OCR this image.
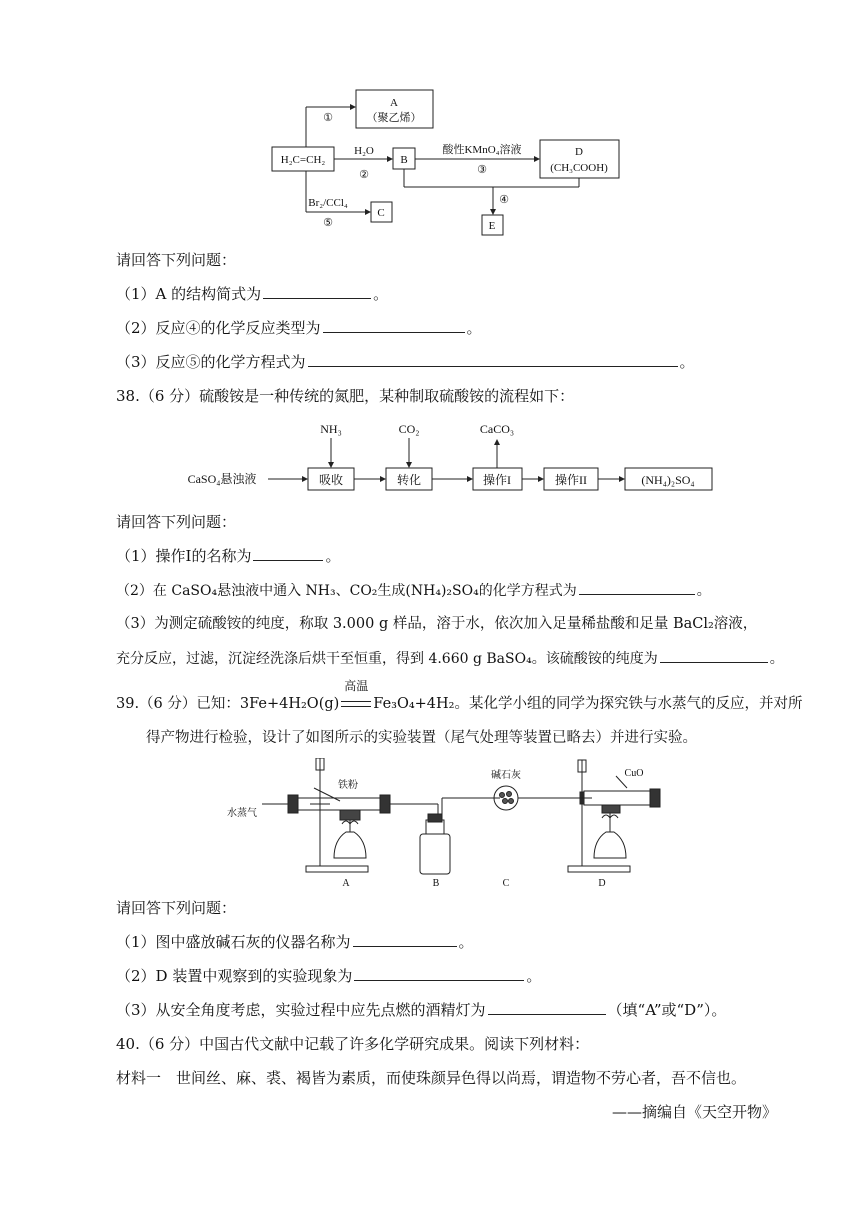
H₂C=CH₂
A
（聚乙烯）
B
D
(CH₃COOH)
C
E
①
H₂O
②
酸性KMnO₄溶液
③
④
Br₂/CCl₄
⑤
请回答下列问题：
（1）A 的结构简式为	。
（2）反应④的化学反应类型为	。
（3）反应⑤的化学方程式为	。
38.（6 分）硫酸铵是一种传统的氮肥，某种制取硫酸铵的流程如下：
CaSO₄悬浊液	吸收	转化	操作I	操作II	(NH₄)₂SO₄
NH₃	CO₂	CaCO₃
请回答下列问题：
（1）操作Ⅰ的名称为	。
（2）在 CaSO₄悬浊液中通入 NH₃、CO₂生成(NH₄)₂SO₄的化学方程式为	。
（3）为测定硫酸铵的纯度，称取 3.000 g 样品，溶于水，依次加入足量稀盐酸和足量 BaCl₂溶液，
充分反应，过滤，沉淀经洗涤后烘干至恒重，得到 4.660 g BaSO₄。该硫酸铵的纯度为	。
39.（6 分）已知：3Fe+4H₂O(g)
高温
Fe₃O₄+4H₂。某化学小组的同学为探究铁与水蒸气的反应，并对所
得产物进行检验，设计了如图所示的实验装置（尾气处理等装置已略去）并进行实验。
水蒸气
铁粉
碱石灰	CuO
A	B	C	D
请回答下列问题：
（1）图中盛放碱石灰的仪器名称为	。
（2）D 装置中观察到的实验现象为	。
（3）从安全角度考虑，实验过程中应先点燃的酒精灯为	（填“A”或“D”）。
40.（6 分）中国古代文献中记载了许多化学研究成果。阅读下列材料：
材料一　世间丝、麻、裘、褐皆为素质，而使珠颜异色得以尚焉，谓造物不劳心者，吾不信也。
——摘编自《天空开物》
